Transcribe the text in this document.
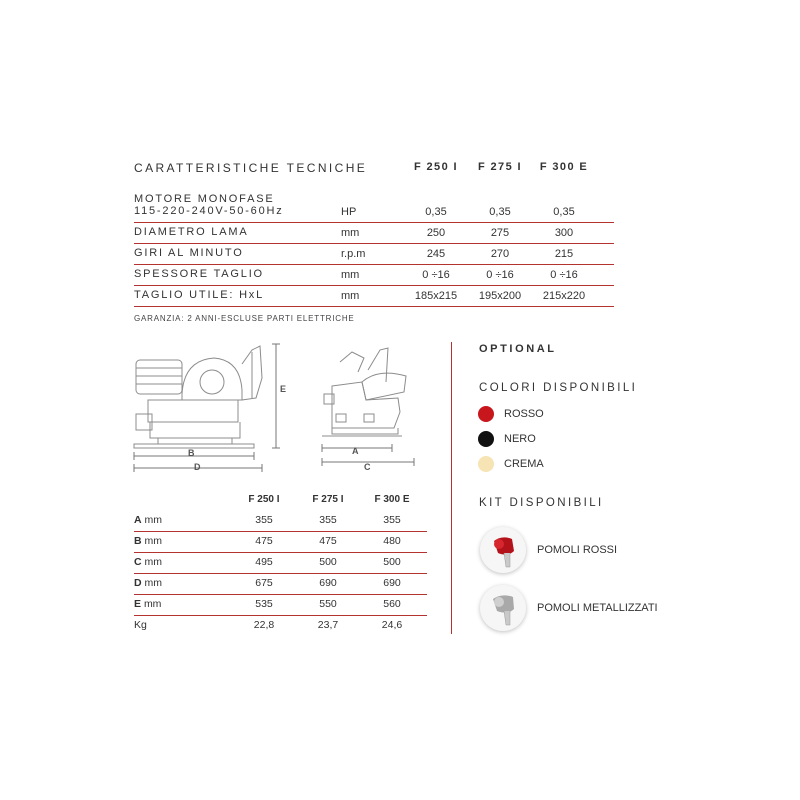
CARATTERISTICHE TECNICHE	F 250 I	F 275 I	F 300 E
MOTORE MONOFASE
115-220-240V-50-60Hz	HP	0,35	0,35	0,35
DIAMETRO LAMA	mm	250	275	300
GIRI AL MINUTO	r.p.m	245	270	215
SPESSORE TAGLIO	mm	0 ÷16	0 ÷16	0 ÷16
TAGLIO UTILE: HxL	mm	185x215	195x200	215x220
GARANZIA: 2 ANNI-ESCLUSE PARTI ELETTRICHE
B
D
E
A
C
F 250 I	F 275 I	F 300 E
A mm	355	355	355
B mm	475	475	480
C mm	495	500	500
D mm	675	690	690
E mm	535	550	560
Kg	22,8	23,7	24,6
OPTIONAL
COLORI DISPONIBILI
ROSSO
NERO
CREMA
KIT DISPONIBILI
POMOLI ROSSI
POMOLI METALLIZZATI
